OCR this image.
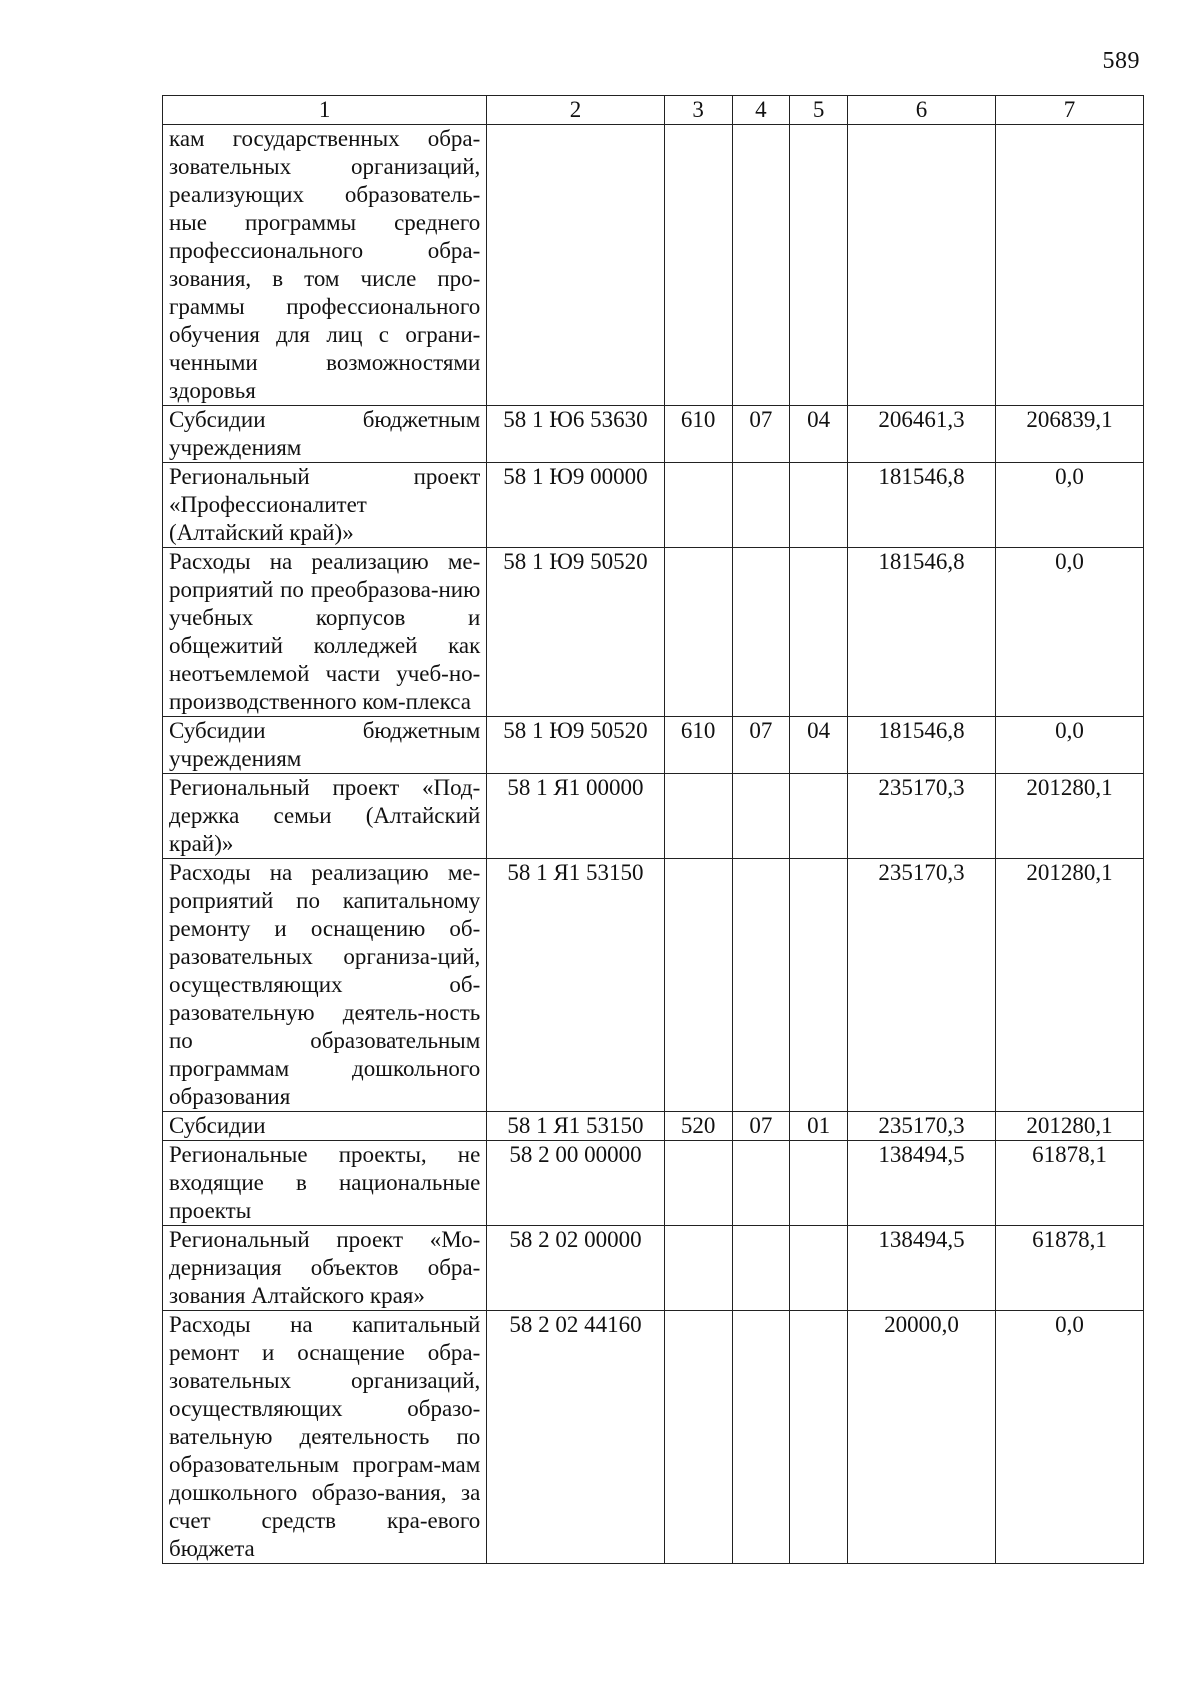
589
1	2	3	4	5	6	7
кам государственных обра-зовательных организаций, реализующих образователь-ные программы среднего профессионального обра-зования, в том числе про-граммы профессионального обучения для лиц с ограни-ченными возможностями здоровья						
Субсидии бюджетным учреждениям	58 1 Ю6 53630	610	07	04	206461,3	206839,1
Региональный проект «Профессионалитет (Алтайский край)»	58 1 Ю9 00000				181546,8	0,0
Расходы на реализацию ме-роприятий по преобразова-нию учебных корпусов и общежитий колледжей как неотъемлемой части учеб-но-производственного ком-плекса	58 1 Ю9 50520				181546,8	0,0
Субсидии бюджетным учреждениям	58 1 Ю9 50520	610	07	04	181546,8	0,0
Региональный проект «Под-держка семьи (Алтайский край)»	58 1 Я1 00000				235170,3	201280,1
Расходы на реализацию ме-роприятий по капитальному ремонту и оснащению об-разовательных организа-ций, осуществляющих об-разовательную деятель-ность по образовательным программам дошкольного образования	58 1 Я1 53150				235170,3	201280,1
Субсидии	58 1 Я1 53150	520	07	01	235170,3	201280,1
Региональные проекты, не входящие в национальные проекты	58 2 00 00000				138494,5	61878,1
Региональный проект «Мо-дернизация объектов обра-зования Алтайского края»	58 2 02 00000				138494,5	61878,1
Расходы на капитальный ремонт и оснащение обра-зовательных организаций, осуществляющих образо-вательную деятельность по образовательным програм-мам дошкольного образо-вания, за счет средств кра-евого бюджета	58 2 02 44160				20000,0	0,0
